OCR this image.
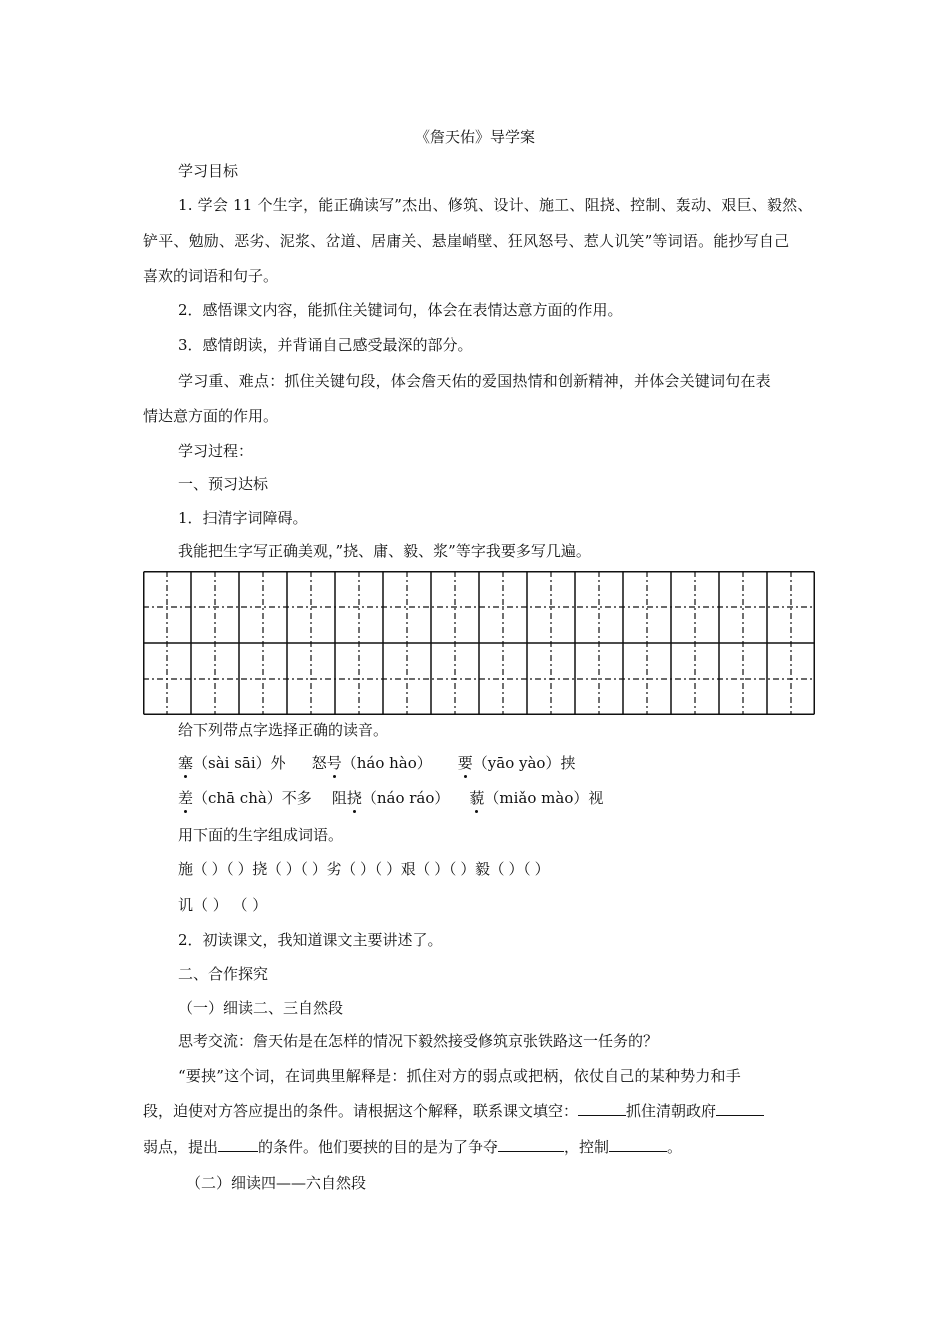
《詹天佑》导学案
学习目标
1. 学会 11 个生字，能正确读写”杰出、修筑、设计、施工、阻挠、控制、轰动、艰巨、毅然、
铲平、勉励、恶劣、泥浆、岔道、居庸关、悬崖峭壁、狂风怒号、惹人讥笑”等词语。能抄写自己
喜欢的词语和句子。
2．感悟课文内容，能抓住关键词句，体会在表情达意方面的作用。
3．感情朗读，并背诵自己感受最深的部分。
学习重、难点：抓住关键句段，体会詹天佑的爱国热情和创新精神，并体会关键词句在表
情达意方面的作用。
学习过程：
一、预习达标
1．扫清字词障碍。
我能把生字写正确美观，”挠、庸、毅、浆”等字我要多写几遍。
给下列带点字选择正确的读音。
塞（sài sāi）外 怒号（háo hào） 要（yāo yào）挟
差（chā chà）不多 阻挠（náo ráo） 藐（miǎo mào）视
用下面的生字组成词语。
施（ ）（ ）挠（ ）（ ）劣（ ）（ ）艰（ ）（ ）毅（ ）（ ）
讥（ ） （ ）
2．初读课文，我知道课文主要讲述了。
二、合作探究
（一）细读二、三自然段
思考交流：詹天佑是在怎样的情况下毅然接受修筑京张铁路这一任务的？
“要挟”这个词，在词典里解释是：抓住对方的弱点或把柄，依仗自己的某种势力和手
段，迫使对方答应提出的条件。请根据这个解释，联系课文填空：	抓住清朝政府
弱点，提出	的条件。他们要挟的目的是为了争夺	，控制	。
（二）细读四——六自然段
